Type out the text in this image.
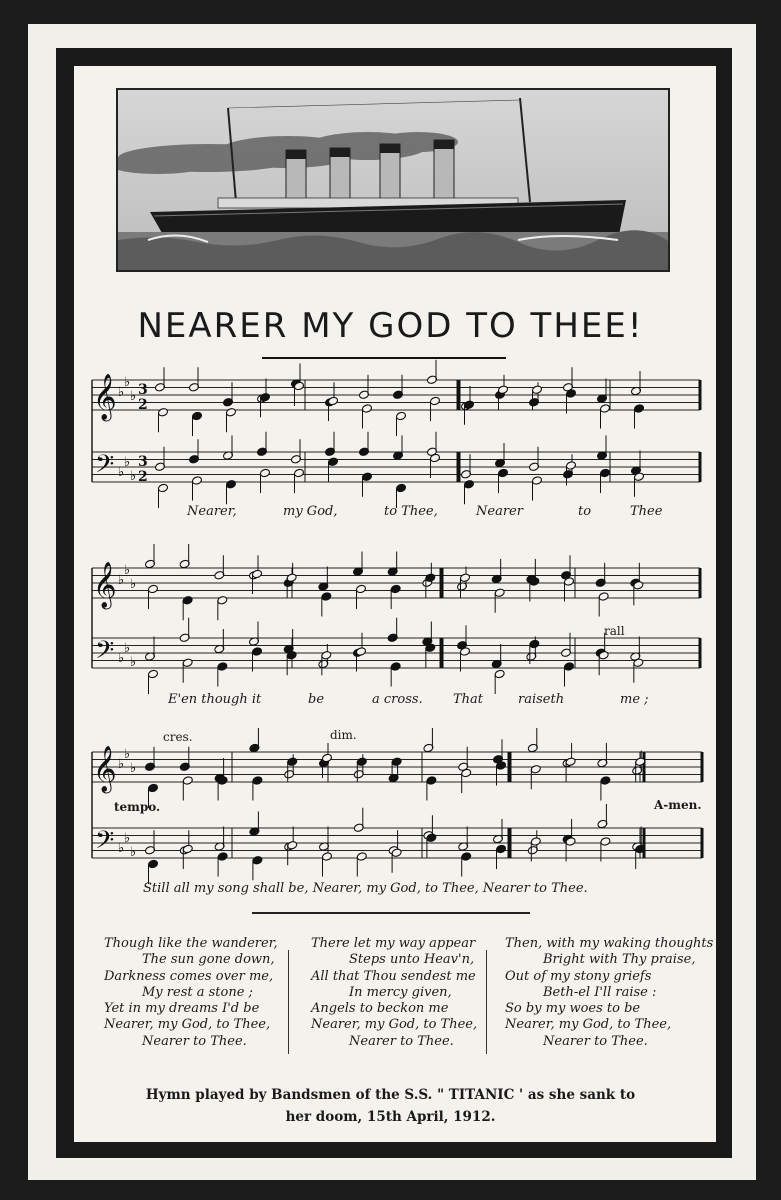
NEARER MY GOD TO THEE!
𝄞
𝄢
♭
♭
♭
♭
♭
♭
3
2
3
2
𝄞
𝄢
♭
♭
♭
♭
♭
♭
𝄞
𝄢
♭
♭
♭
♭
♭
♭
rall
cres.	dim.
tempo.	A-men.
Nearer,	my God,	to Thee,	Nearer	to	Thee
E'en though it	be	a cross. That	raiseth	me ;
Still all my song shall be, Nearer, my God, to Thee, Nearer to Thee.
Though like the wanderer,
The sun gone down,
Darkness comes over me,
My rest a stone ;
Yet in my dreams I'd be
Nearer, my God, to Thee,
Nearer to Thee.
There let my way appear
Steps unto Heav'n,
All that Thou sendest me
In mercy given,
Angels to beckon me
Nearer, my God, to Thee,
Nearer to Thee.
Then, with my waking thoughts
Bright with Thy praise,
Out of my stony griefs
Beth-el I'll raise :
So by my woes to be
Nearer, my God, to Thee,
Nearer to Thee.
Hymn played by Bandsmen of the S.S. " TITANIC ' as she sank to
her doom, 15th April, 1912.
